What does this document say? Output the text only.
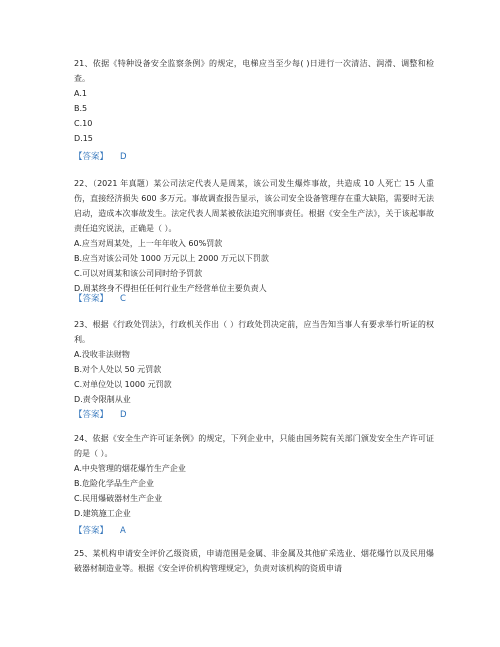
21、依据《特种设备安全监察条例》的规定，电梯应当至少每( )日进行一次清洁、润滑、调整和检查。

A.1

B.5

C.10

D.15

【答案】 D

22、（2021 年真题）某公司法定代表人是周某，该公司发生爆炸事故，共造成 10 人死亡 15 人重伤，直接经济损失 600 多万元。事故调查报告显示，该公司安全设备管理存在重大缺陷，需要时无法启动，造成本次事故发生。法定代表人周某被依法追究刑事责任。根据《安全生产法》，关于该起事故责任追究说法，正确是（ ）。

A.应当对周某处，上一年年收入 60%罚款

B.应当对该公司处 1000 万元以上 2000 万元以下罚款

C.可以对周某和该公司同时给予罚款

D.周某终身不得担任任何行业生产经营单位主要负责人

【答案】 C

23、根据《行政处罚法》，行政机关作出（ ）行政处罚决定前，应当告知当事人有要求举行听证的权利。

A.没收非法财物

B.对个人处以 50 元罚款

C.对单位处以 1000 元罚款

D.责令限制从业

【答案】 D

24、依据《安全生产许可证条例》的规定，下列企业中，只能由国务院有关部门颁发安全生产许可证的是（ ）。

A.中央管理的烟花爆竹生产企业

B.危险化学品生产企业

C.民用爆破器材生产企业

D.建筑施工企业

【答案】 A

25、某机构申请安全评价乙级资质，申请范围是金属、非金属及其他矿采选业、烟花爆竹以及民用爆破器材制造业等。根据《安全评价机构管理规定》，负责对该机构的资质申请
